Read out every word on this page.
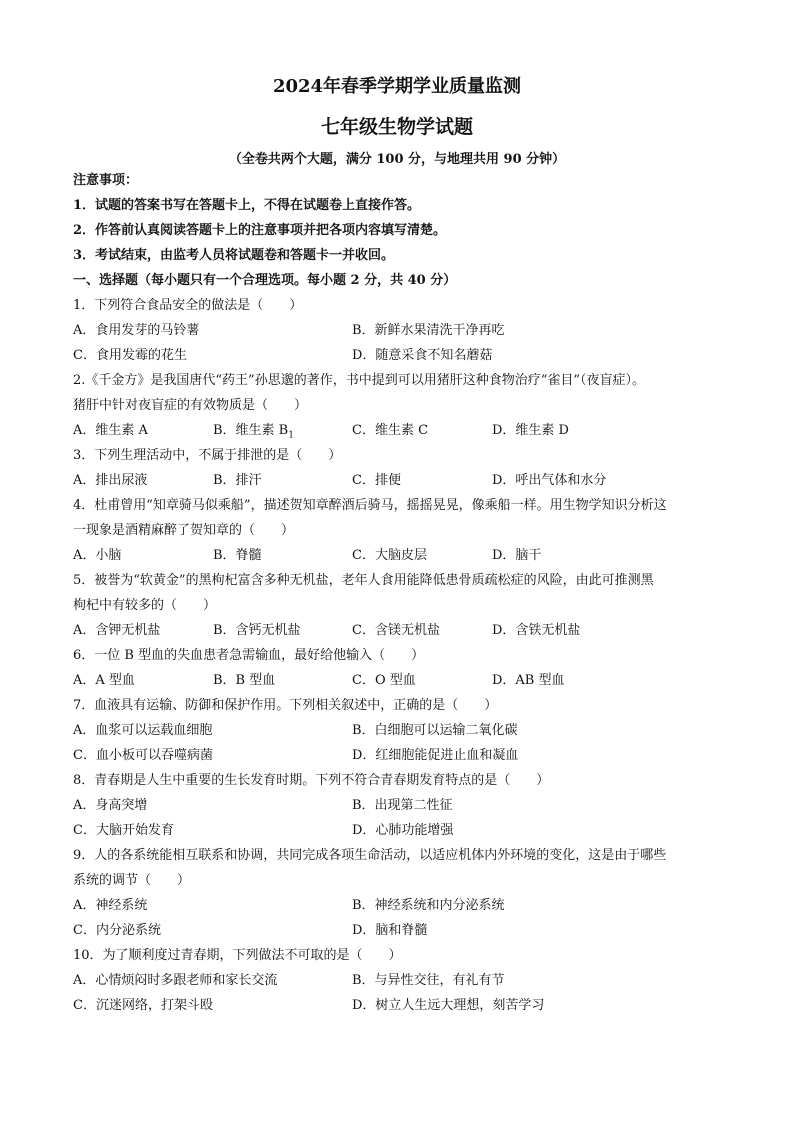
2024年春季学期学业质量监测
七年级生物学试题
（全卷共两个大题，满分 100 分，与地理共用 90 分钟）
注意事项：
1．试题的答案书写在答题卡上，不得在试题卷上直接作答。
2．作答前认真阅读答题卡上的注意事项并把各项内容填写清楚。
3．考试结束，由监考人员将试题卷和答题卡一并收回。
一、选择题（每小题只有一个合理选项。每小题 2 分，共 40 分）
1．下列符合食品安全的做法是（　　）
A．食用发芽的马铃薯	B．新鲜水果清洗干净再吃
C．食用发霉的花生	D．随意采食不知名蘑菇
2.《千金方》是我国唐代“药王”孙思邈的著作，书中提到可以用猪肝这种食物治疗“雀目”（夜盲症）。
猪肝中针对夜盲症的有效物质是（　　）
A．维生素 A	B．维生素 $B_1$	C．维生素 C	D．维生素 D
3．下列生理活动中，不属于排泄的是（　　）
A．排出尿液	B．排汗	C．排便	D．呼出气体和水分
4．杜甫曾用“知章骑马似乘船”，描述贺知章醉酒后骑马，摇摇晃晃，像乘船一样。用生物学知识分析这
一现象是酒精麻醉了贺知章的（　　）
A．小脑	B．脊髓	C．大脑皮层	D．脑干
5．被誉为“软黄金”的黑枸杞富含多种无机盐，老年人食用能降低患骨质疏松症的风险，由此可推测黑
枸杞中有较多的（　　）
A．含钾无机盐	B．含钙无机盐	C．含镁无机盐	D．含铁无机盐
6．一位 B 型血的失血患者急需输血，最好给他输入（　　）
A．A 型血	B．B 型血	C．O 型血	D．AB 型血
7．血液具有运输、防御和保护作用。下列相关叙述中，正确的是（　　）
A．血浆可以运载血细胞	B．白细胞可以运输二氧化碳
C．血小板可以吞噬病菌	D．红细胞能促进止血和凝血
8．青春期是人生中重要的生长发育时期。下列不符合青春期发育特点的是（　　）
A．身高突增	B．出现第二性征
C．大脑开始发育	D．心肺功能增强
9．人的各系统能相互联系和协调，共同完成各项生命活动，以适应机体内外环境的变化，这是由于哪些
系统的调节（　　）
A．神经系统	B．神经系统和内分泌系统
C．内分泌系统	D．脑和脊髓
10．为了顺利度过青春期，下列做法不可取的是（　　）
A．心情烦闷时多跟老师和家长交流	B．与异性交往，有礼有节
C．沉迷网络，打架斗殴	D．树立人生远大理想，刻苦学习
